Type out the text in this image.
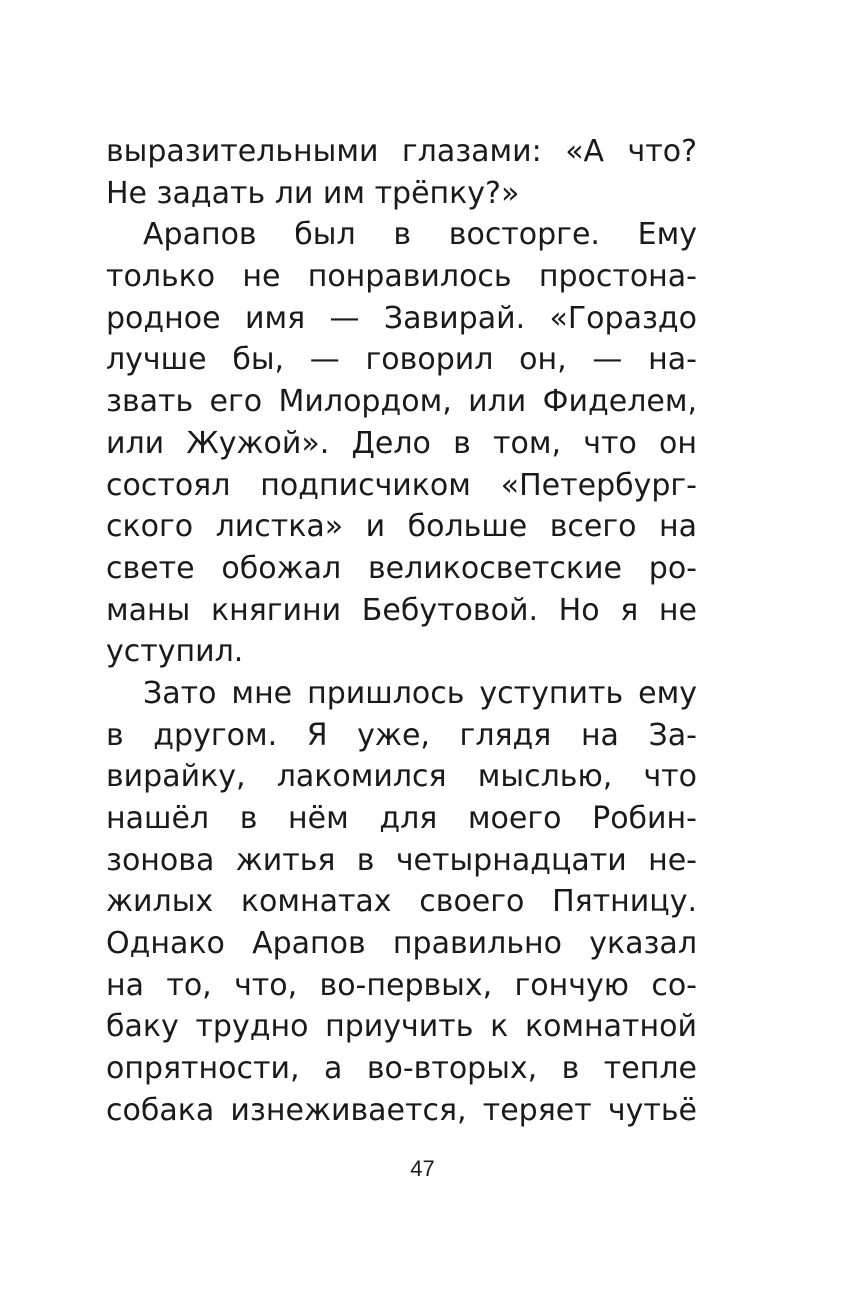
выразительными глазами: «А что?
Не задать ли им трёпку?»
Арапов был в восторге. Ему
только не понравилось простона-
родное имя — Завирай. «Гораздо
лучше бы, — говорил он, — на-
звать его Милордом, или Фиделем,
или Жужой». Дело в том, что он
состоял подписчиком «Петербург-
ского листка» и больше всего на
свете обожал великосветские ро-
маны княгини Бебутовой. Но я не
уступил.
Зато мне пришлось уступить ему
в другом. Я уже, глядя на За-
вирайку, лакомился мыслью, что
нашёл в нём для моего Робин-
зонова житья в четырнадцати не-
жилых комнатах своего Пятницу.
Однако Арапов правильно указал
на то, что, во-первых, гончую со-
баку трудно приучить к комнатной
опрятности, а во-вторых, в тепле
собака изнеживается, теряет чутьё
47
